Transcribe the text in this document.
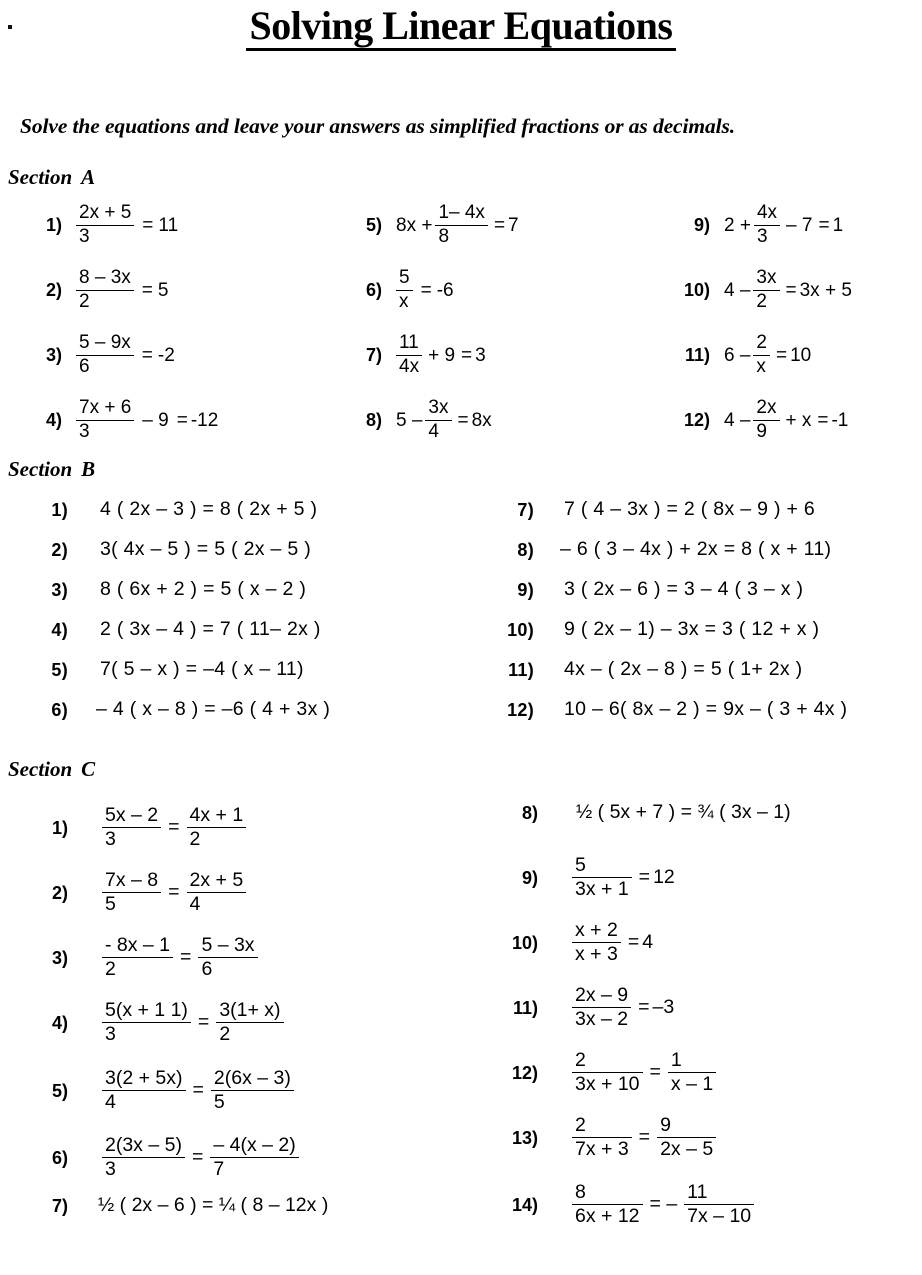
Solving Linear Equations

Solve the equations and leave your answers as simplified fractions or as decimals.

Section A
$1) \frac{2x + 5}{3} = 11$
$2) \frac{8 - 3x}{2} = 5$
$3) \frac{5 - 9x}{6} = -2$
$4) \frac{7x + 6}{3} - 9 = -12$
5) $8x + \frac{1- 4x}{8} = 7$
$6) \frac{5}{x} = -6$
$7) \frac{11}{4x} + 9 = 3$
8) $5 - \frac{3x}{4} = 8x$
9) $2 + \frac{4x}{3} - 7 = 1$
10) $4 - \frac{3x}{2} = 3x + 5$
11) $6 - \frac{2}{x} = 10$
12) $4 - \frac{2x}{9} + x = -1$
Section B
1) 4 ( 2x – 3 ) = 8 ( 2x + 5 )
2) 3( 4x – 5 ) = 5 ( 2x – 5 )
3) 8 ( 6x + 2 ) = 5 ( x – 2 )
4) 2 ( 3x – 4 ) = 7 ( 11– 2x )
5) 7( 5 – x ) = –4 ( x – 11)
6) – 4 ( x – 8 ) = –6 ( 4 + 3x )
7) 7 ( 4 – 3x ) = 2 ( 8x – 9 ) + 6
8) – 6 ( 3 – 4x ) + 2x = 8 ( x + 11)
9) 3 ( 2x – 6 ) = 3 – 4 ( 3 – x )
10) 9 ( 2x – 1) – 3x = 3 ( 12 + x )
11) 4x – ( 2x – 8 ) = 5 ( 1+ 2x )
12) 10 – 6( 8x – 2 ) = 9x – ( 3 + 4x )
Section C
$1) \frac{5x - 2}{3} = \frac{4x + 1}{2}$
$2) \frac{7x - 8}{5} = \frac{2x + 5}{4}$
$3) \frac{- 8x - 1}{2} = \frac{5 - 3x}{6}$
$4) \frac{5(x + 1 1)}{3} = \frac{3(1+ x)}{2}$
$5) \frac{3(2 + 5x)}{4} = \frac{2(6x - 3)}{5}$
$6) \frac{2(3x - 5)}{3} = \frac{- 4(x - 2)}{7}$
7) ½ ( 2x – 6 ) = ¼ ( 8 – 12x )
8) ½ ( 5x + 7 ) = ¾ ( 3x – 1)
$9) \frac{5}{3x + 1} = 12$
$10) \frac{x + 2}{x + 3} = 4$
$11) \frac{2x - 9}{3x - 2} = -3$
$12) \frac{2}{3x + 10} = \frac{1}{x - 1}$
$13) \frac{2}{7x + 3} = \frac{9}{2x - 5}$
$14) \frac{8}{6x + 12}$ = – $\frac{11}{7x - 10}$
